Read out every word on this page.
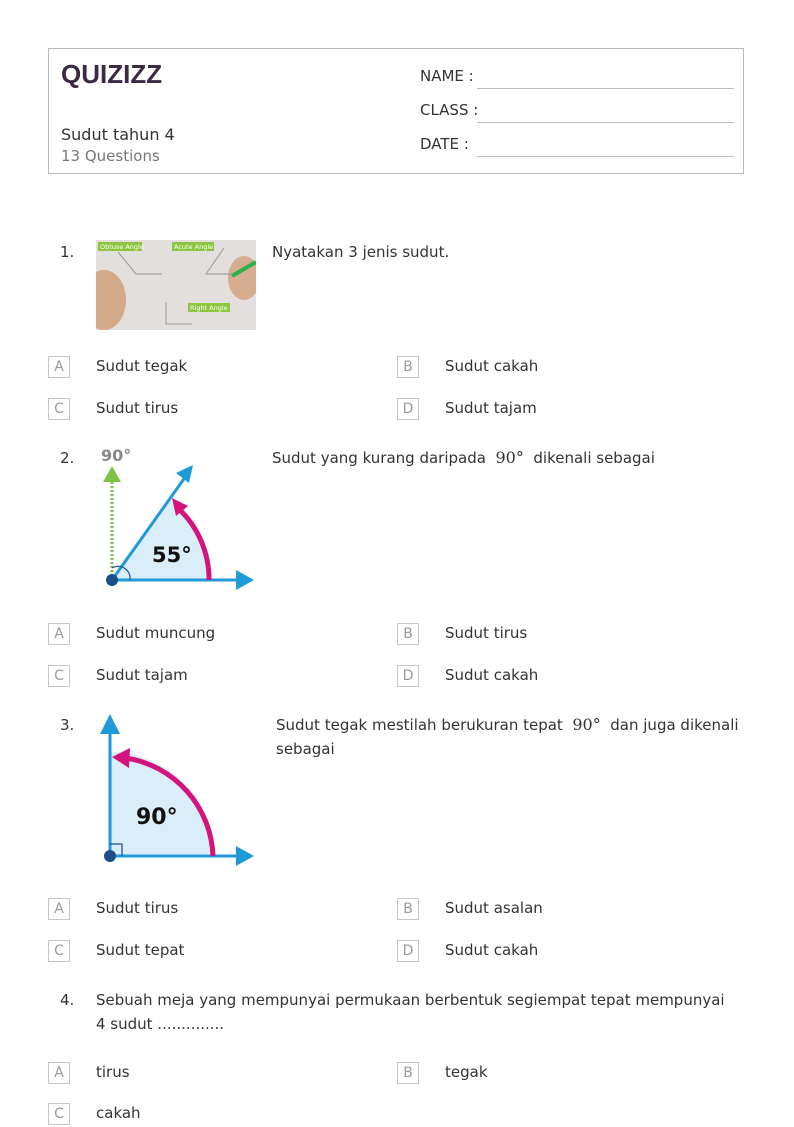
QUIZIZZ
Sudut tahun 4
13 Questions
NAME :
CLASS :
DATE :
1.	Obtuse Angle	Acute Angle
Right Angle
Nyatakan 3 jenis sudut.
A	Sudut tegak	B	Sudut cakah
C	Sudut tirus	D	Sudut tajam
2. 90°
55°
Sudut yang kurang daripada 90° dikenali sebagai
A	Sudut muncung	B	Sudut tirus
C	Sudut tajam	D	Sudut cakah
3.
90°
Sudut tegak mestilah berukuran tepat 90° dan juga dikenali sebagai
A	Sudut tirus	B	Sudut asalan
C	Sudut tepat	D	Sudut cakah
4. Sebuah meja yang mempunyai permukaan berbentuk segiempat tepat mempunyai 4 sudut ..............
A	tirus	B	tegak
C	cakah
